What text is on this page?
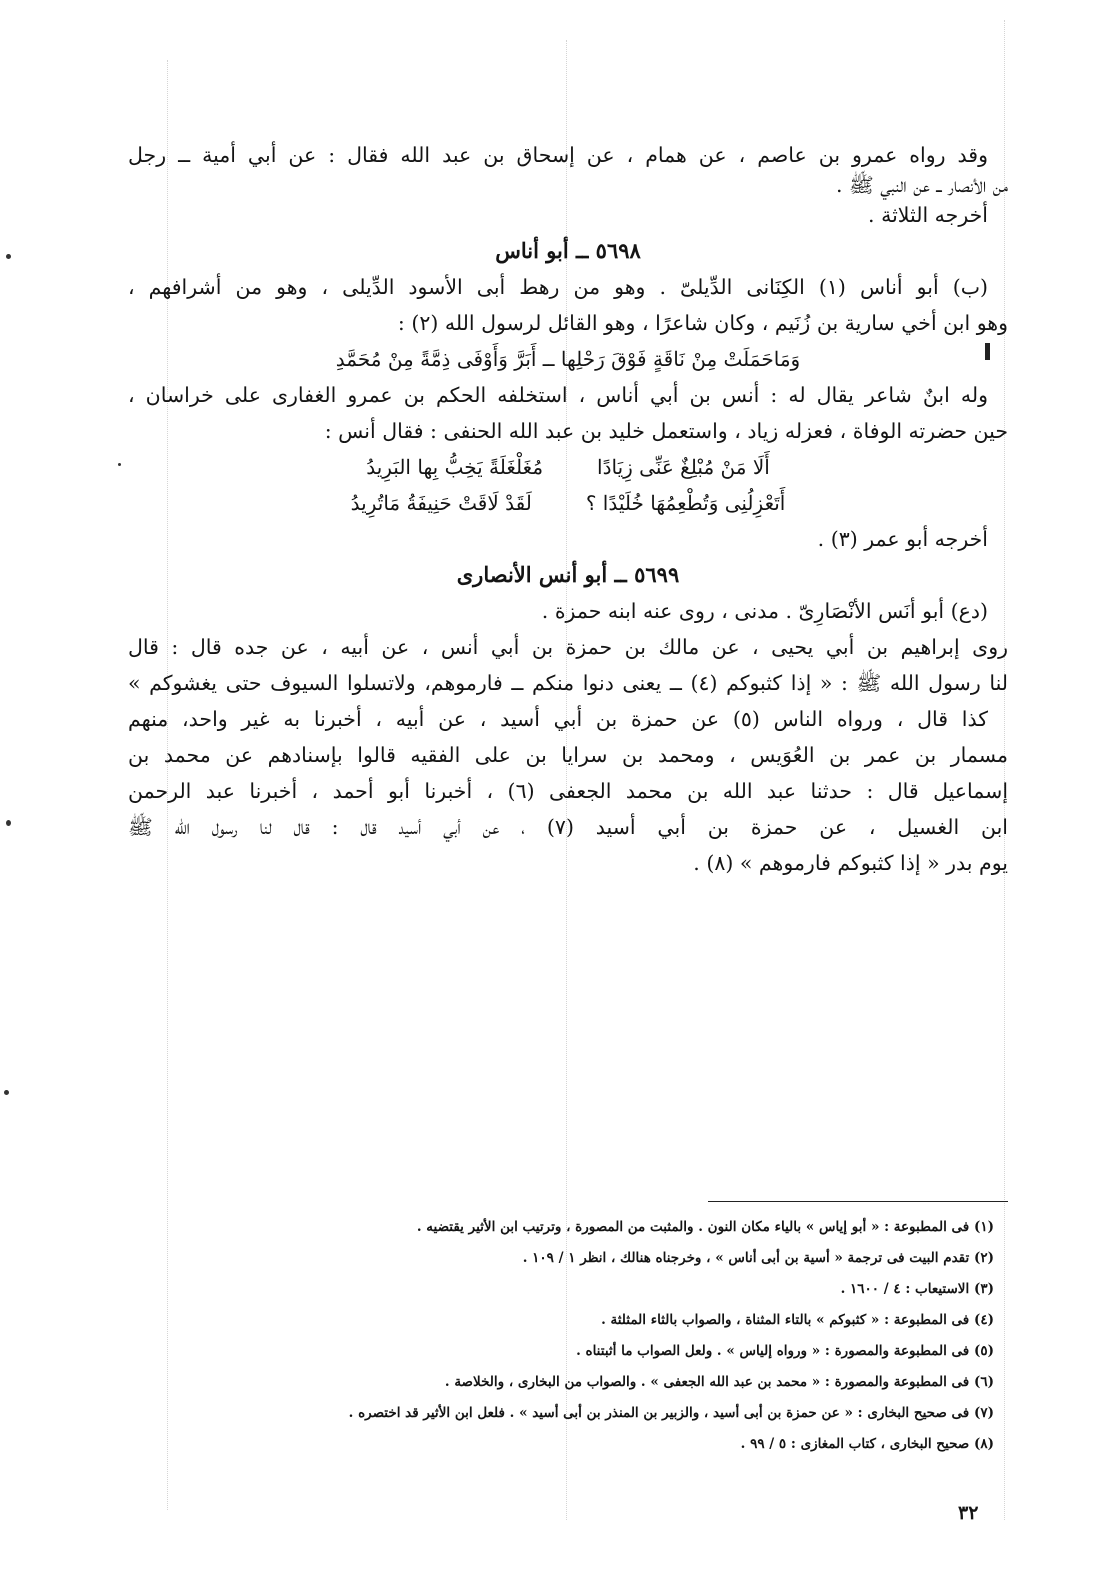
وقد رواه عمرو بن عاصم ، عن همام ، عن إسحاق بن عبد الله فقال : عن أبي أمية ــ رجل
من الأنصار ــ عن النبي ﷺ .
أخرجه الثلاثة .
٥٦٩٨ ــ أبو أناس
(ب) أبو أناس (١) الكِنَانى الدِّيلىّ . وهو من رهط أبى الأسود الدِّيلى ، وهو من أشرافهم ،
وهو ابن أخي سارية بن زُنَيم ، وكان شاعرًا ، وهو القائل لرسول الله (٢) :
وَمَاحَمَلَتْ مِنْ نَاقَةٍ فَوْقَ رَحْلِها ــ أَبَرَّ وَأَوْفَى ذِمَّةً مِنْ مُحَمَّدِ
وله ابنٌ شاعر يقال له : أنس بن أبي أناس ، استخلفه الحكم بن عمرو الغفارى على خراسان ،
حين حضرته الوفاة ، فعزله زياد ، واستعمل خليد بن عبد الله الحنفى : فقال أنس :
أَلَا مَنْ مُبْلِغٌ عَنِّى زِيَادًا
مُغَلْغَلَةً يَخِبُّ بِها البَرِيدُ
أَتَعْزِلُنِى وَتُطْعِمُهَا خُلَيْدًا ؟
لَقَدْ لَاقَتْ حَنِيفَةُ مَاتُرِيدُ
أخرجه أبو عمر (٣) .
٥٦٩٩ ــ أبو أنس الأنصارى
(دع) أبو أنَس الأنْصَارِىّ . مدنى ، روى عنه ابنه حمزة .
روى إبراهيم بن أبي يحيى ، عن مالك بن حمزة بن أبي أنس ، عن أبيه ، عن جده قال : قال
لنا رسول الله ﷺ : « إذا كثبوكم (٤) ــ يعنى دنوا منكم ــ فارموهم، ولاتسلوا السيوف حتى يغشوكم »
كذا قال ، ورواه الناس (٥) عن حمزة بن أبي أسيد ، عن أبيه ، أخبرنا به غير واحد، منهم
مسمار بن عمر بن العُوَيس ، ومحمد بن سرايا بن على الفقيه قالوا بإسنادهم عن محمد بن
إسماعيل قال : حدثنا عبد الله بن محمد الجعفى (٦) ، أخبرنا أبو أحمد ، أخبرنا عبد الرحمن
ابن الغسيل ، عن حمزة بن أبي أسيد (٧) ، عن أبي أسيد قال : قال لنا رسول الله ﷺ
يوم بدر « إذا كثبوكم فارموهم » (٨) .
(١) فى المطبوعة : « أبو إياس » بالياء مكان النون . والمثبت من المصورة ، وترتيب ابن الأثير يقتضيه .
(٢) تقدم البيت فى ترجمة « أسية بن أبى أناس » ، وخرجناه هنالك ، انظر ١ / ١٠٩ .
(٣) الاستيعاب : ٤ / ١٦٠٠ .
(٤) فى المطبوعة : « كثبوكم » بالتاء المثناة ، والصواب بالثاء المثلثة .
(٥) فى المطبوعة والمصورة : « ورواه إلياس » . ولعل الصواب ما أثبتناه .
(٦) فى المطبوعة والمصورة : « محمد بن عبد الله الجعفى » . والصواب من البخارى ، والخلاصة .
(٧) فى صحيح البخارى : « عن حمزة بن أبى أسيد ، والزبير بن المنذر بن أبى أسيد » . فلعل ابن الأثير قد اختصره .
(٨) صحيح البخارى ، كتاب المغازى : ٥ / ٩٩ .
٣٢
